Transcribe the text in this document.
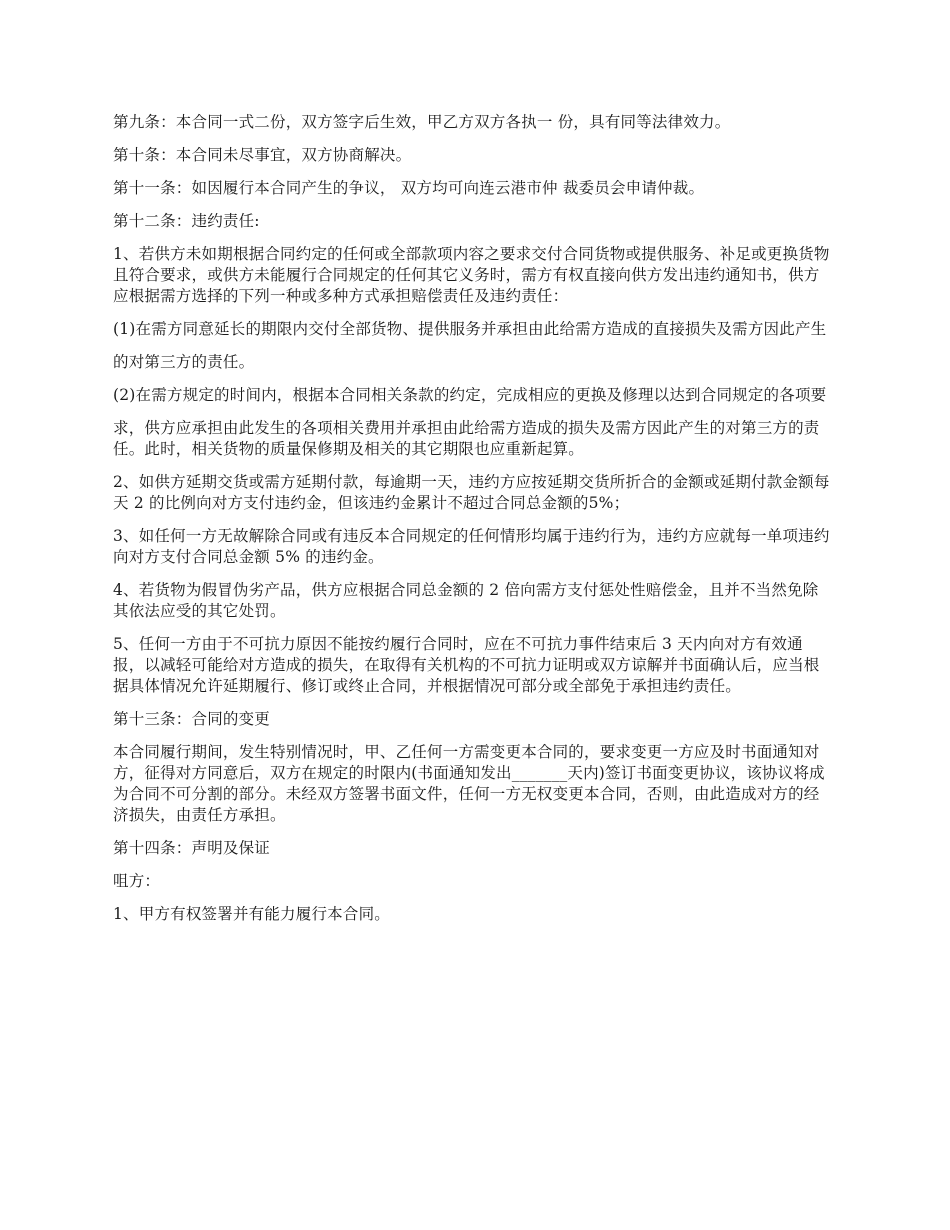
第九条：本合同一式二份，双方签字后生效，甲乙方双方各执一 份，具有同等法律效力。

第十条：本合同未尽事宜，双方协商解决。

第十一条：如因履行本合同产生的争议， 双方均可向连云港市仲 裁委员会申请仲裁。

第十二条：违约责任:

1、若供方未如期根据合同约定的任何或全部款项内容之要求交付合同货物或提供服务、补足或更换货物且符合要求，或供方未能履行合同规定的任何其它义务时，需方有权直接向供方发出违约通知书，供方应根据需方选择的下列一种或多种方式承担赔偿责任及违约责任：

(1)在需方同意延长的期限内交付全部货物、提供服务并承担由此给需方造成的直接损失及需方因此产生

的对第三方的责任。

(2)在需方规定的时间内，根据本合同相关条款的约定，完成相应的更换及修理以达到合同规定的各项要

求，供方应承担由此发生的各项相关费用并承担由此给需方造成的损失及需方因此产生的对第三方的责任。此时，相关货物的质量保修期及相关的其它期限也应重新起算。

2、如供方延期交货或需方延期付款，每逾期一天，违约方应按延期交货所折合的金额或延期付款金额每天 2 的比例向对方支付违约金，但该违约金累计不超过合同总金额的5%；

3、如任何一方无故解除合同或有违反本合同规定的任何情形均属于违约行为，违约方应就每一单项违约向对方支付合同总金额 5% 的违约金。

4、若货物为假冒伪劣产品，供方应根据合同总金额的 2 倍向需方支付惩处性赔偿金，且并不当然免除其依法应受的其它处罚。

5、任何一方由于不可抗力原因不能按约履行合同时，应在不可抗力事件结束后 3 天内向对方有效通报，以减轻可能给对方造成的损失，在取得有关机构的不可抗力证明或双方谅解并书面确认后，应当根据具体情况允许延期履行、修订或终止合同，并根据情况可部分或全部免于承担违约责任。

第十三条：合同的变更

本合同履行期间，发生特别情况时，甲、乙任何一方需变更本合同的，要求变更一方应及时书面通知对方，征得对方同意后，双方在规定的时限内(书面通知发出_______天内)签订书面变更协议，该协议将成为合同不可分割的部分。未经双方签署书面文件，任何一方无权变更本合同，否则，由此造成对方的经济损失，由责任方承担。

第十四条：声明及保证

咀方：

1、甲方有权签署并有能力履行本合同。
